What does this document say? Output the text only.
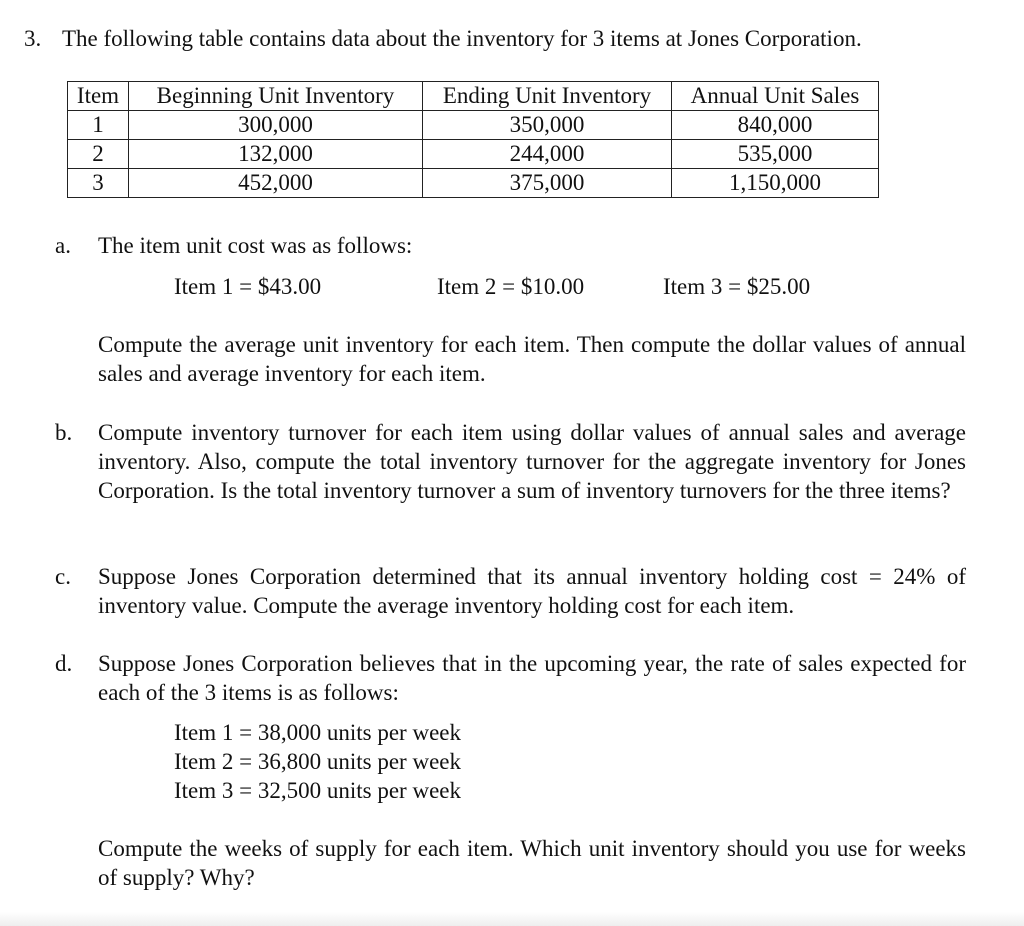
3. The following table contains data about the inventory for 3 items at Jones Corporation.

Item	Beginning Unit Inventory	Ending Unit Inventory	Annual Unit Sales
1	300,000	350,000	840,000
2	132,000	244,000	535,000
3	452,000	375,000	1,150,000

a. The item unit cost was as follows:

Item 1 = $43.00	Item 2 = $10.00	Item 3 = $25.00

Compute the average unit inventory for each item. Then compute the dollar values of annual sales and average inventory for each item.

b. Compute inventory turnover for each item using dollar values of annual sales and average inventory. Also, compute the total inventory turnover for the aggregate inventory for Jones Corporation. Is the total inventory turnover a sum of inventory turnovers for the three items?

c. Suppose Jones Corporation determined that its annual inventory holding cost = 24% of inventory value. Compute the average inventory holding cost for each item.

d. Suppose Jones Corporation believes that in the upcoming year, the rate of sales expected for each of the 3 items is as follows:

Item 1 = 38,000 units per week

Item 2 = 36,800 units per week

Item 3 = 32,500 units per week

Compute the weeks of supply for each item. Which unit inventory should you use for weeks of supply? Why?
